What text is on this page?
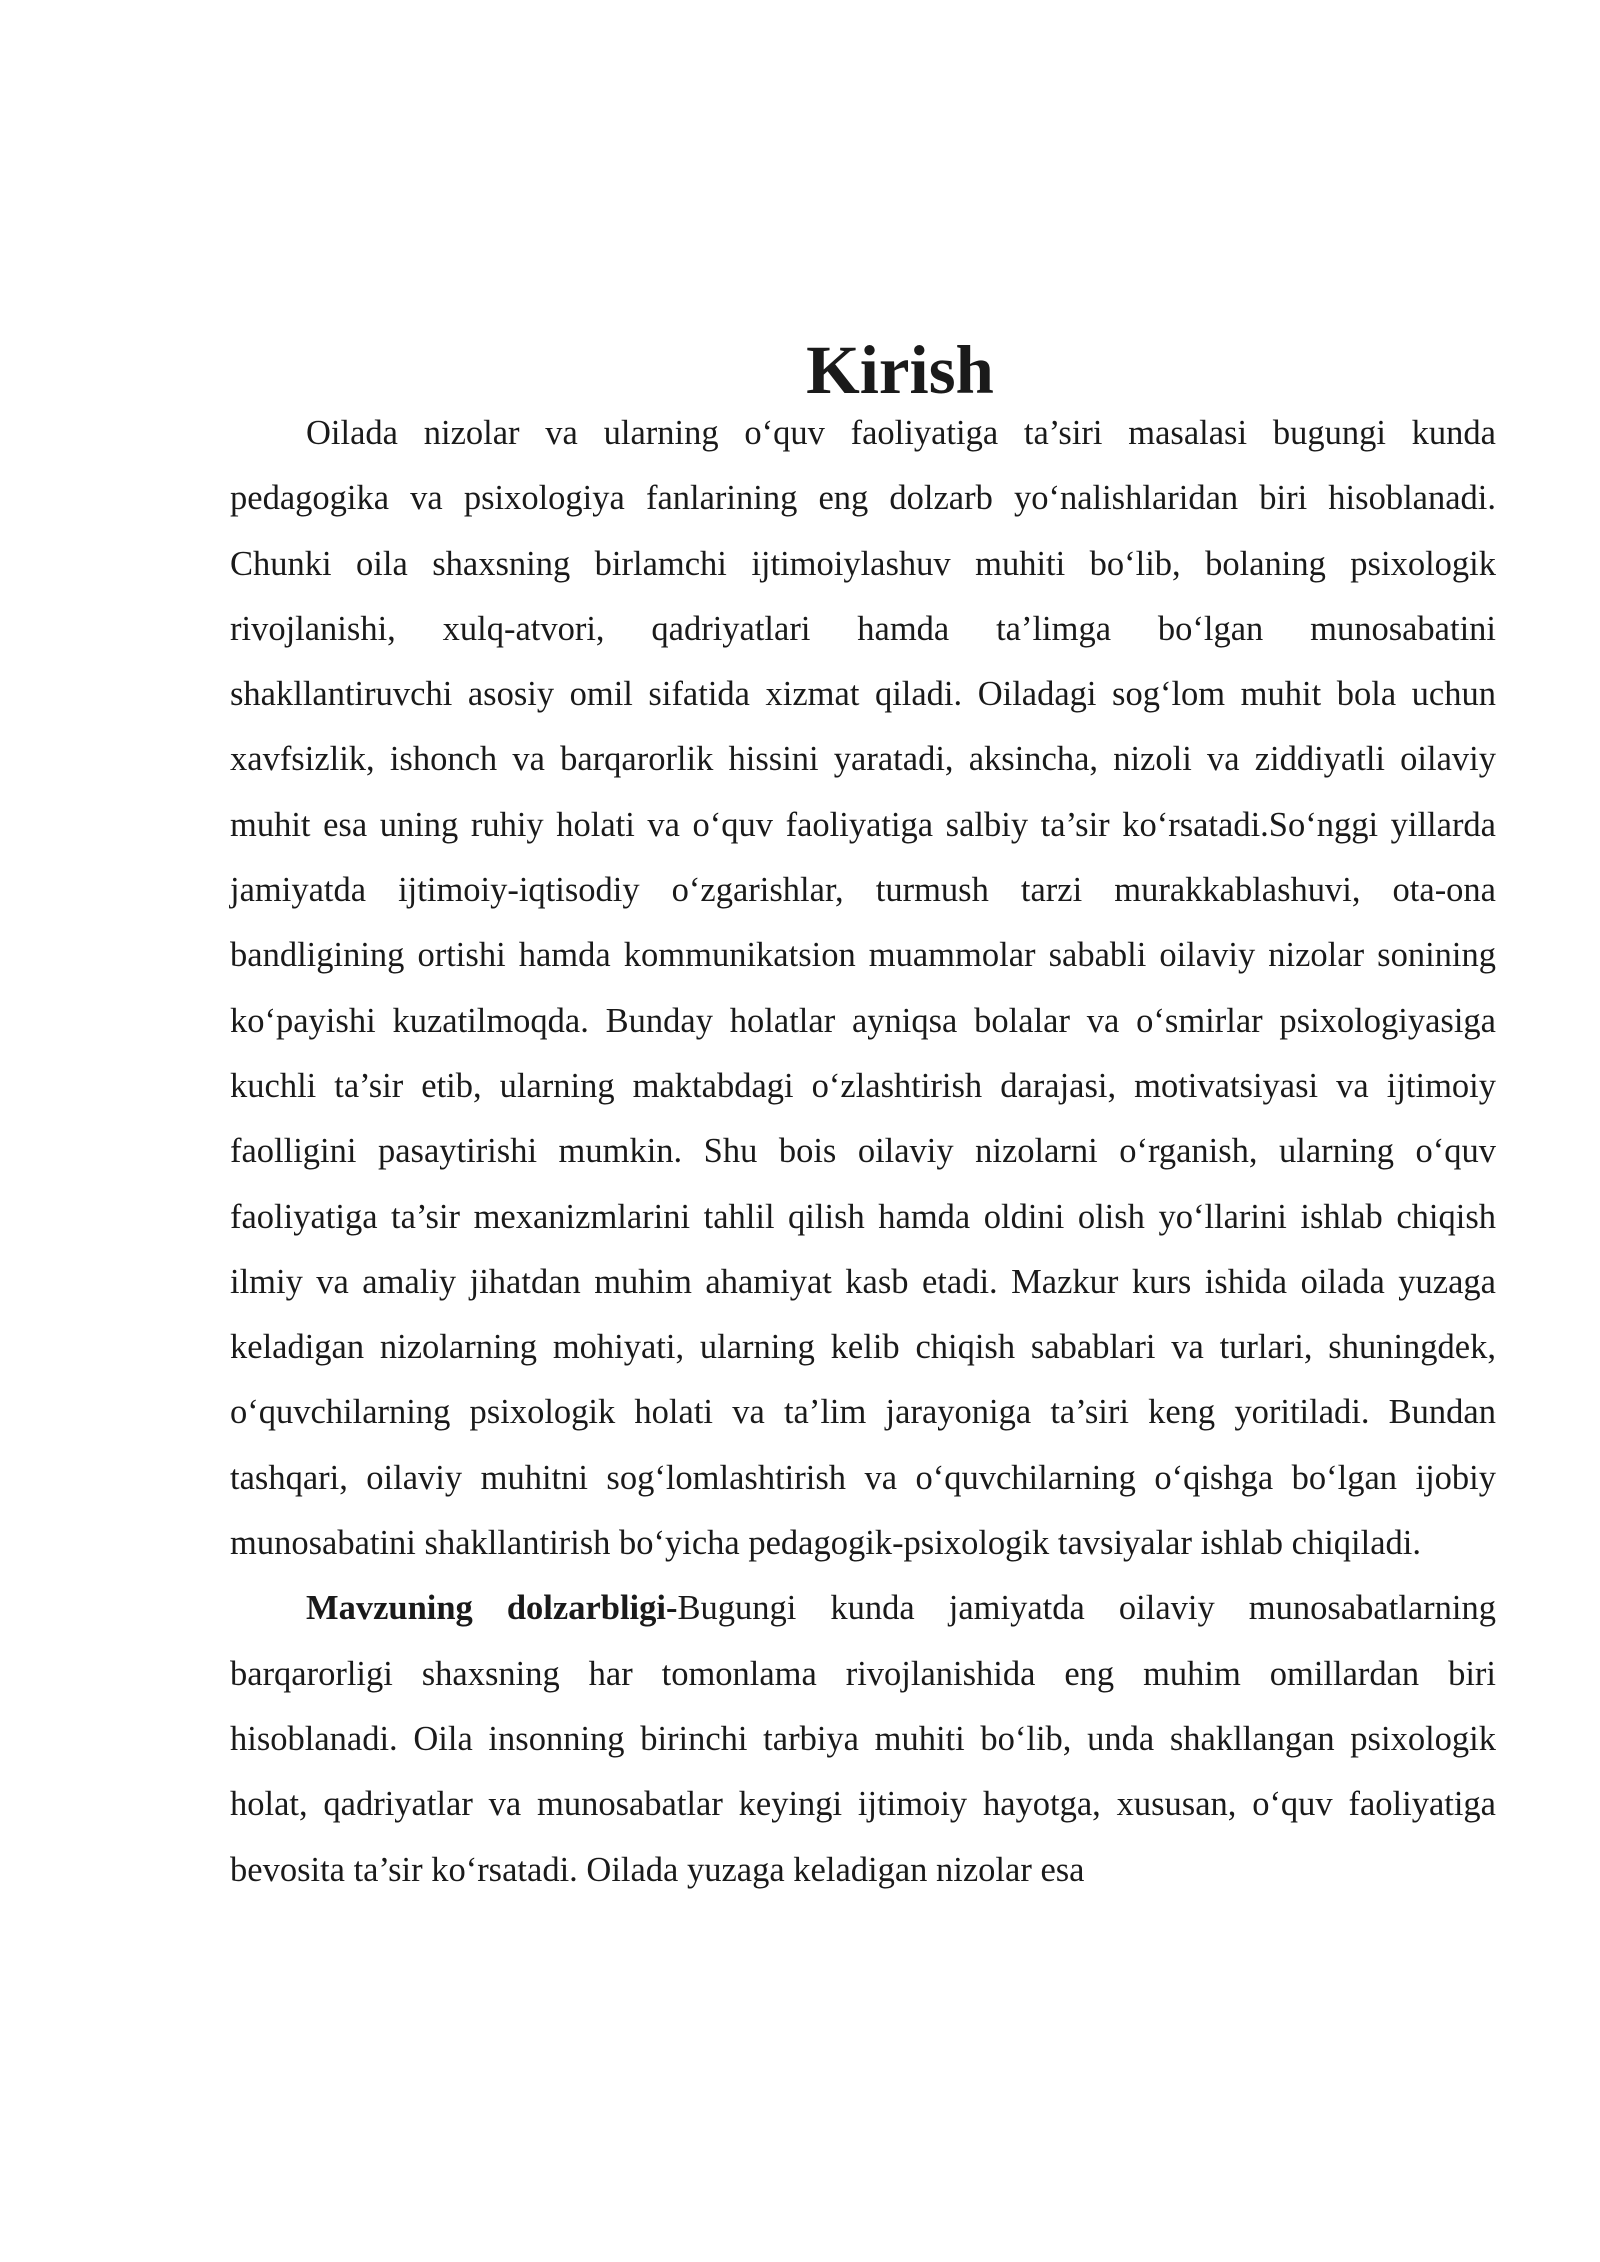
Kirish

Oilada nizolar va ularning o‘quv faoliyatiga ta’siri masalasi bugungi kunda pedagogika va psixologiya fanlarining eng dolzarb yo‘nalishlaridan biri hisoblanadi. Chunki oila shaxsning birlamchi ijtimoiylashuv muhiti bo‘lib, bolaning psixologik rivojlanishi, xulq-atvori, qadriyatlari hamda ta’limga bo‘lgan munosabatini shakllantiruvchi asosiy omil sifatida xizmat qiladi. Oiladagi sog‘lom muhit bola uchun xavfsizlik, ishonch va barqarorlik hissini yaratadi, aksincha, nizoli va ziddiyatli oilaviy muhit esa uning ruhiy holati va o‘quv faoliyatiga salbiy ta’sir ko‘rsatadi.So‘nggi yillarda jamiyatda ijtimoiy-iqtisodiy o‘zgarishlar, turmush tarzi murakkablashuvi, ota-ona bandligining ortishi hamda kommunikatsion muammolar sababli oilaviy nizolar sonining ko‘payishi kuzatilmoqda. Bunday holatlar ayniqsa bolalar va o‘smirlar psixologiyasiga kuchli ta’sir etib, ularning maktabdagi o‘zlashtirish darajasi, motivatsiyasi va ijtimoiy faolligini pasaytirishi mumkin. Shu bois oilaviy nizolarni o‘rganish, ularning o‘quv faoliyatiga ta’sir mexanizmlarini tahlil qilish hamda oldini olish yo‘llarini ishlab chiqish ilmiy va amaliy jihatdan muhim ahamiyat kasb etadi. Mazkur kurs ishida oilada yuzaga keladigan nizolarning mohiyati, ularning kelib chiqish sabablari va turlari, shuningdek, o‘quvchilarning psixologik holati va ta’lim jarayoniga ta’siri keng yoritiladi. Bundan tashqari, oilaviy muhitni sog‘lomlashtirish va o‘quvchilarning o‘qishga bo‘lgan ijobiy munosabatini shakllantirish bo‘yicha pedagogik-psixologik tavsiyalar ishlab chiqiladi.

Mavzuning dolzarbligi-Bugungi kunda jamiyatda oilaviy munosabatlarning barqarorligi shaxsning har tomonlama rivojlanishida eng muhim omillardan biri hisoblanadi. Oila insonning birinchi tarbiya muhiti bo‘lib, unda shakllangan psixologik holat, qadriyatlar va munosabatlar keyingi ijtimoiy hayotga, xususan, o‘quv faoliyatiga bevosita ta’sir ko‘rsatadi. Oilada yuzaga keladigan nizolar esa
